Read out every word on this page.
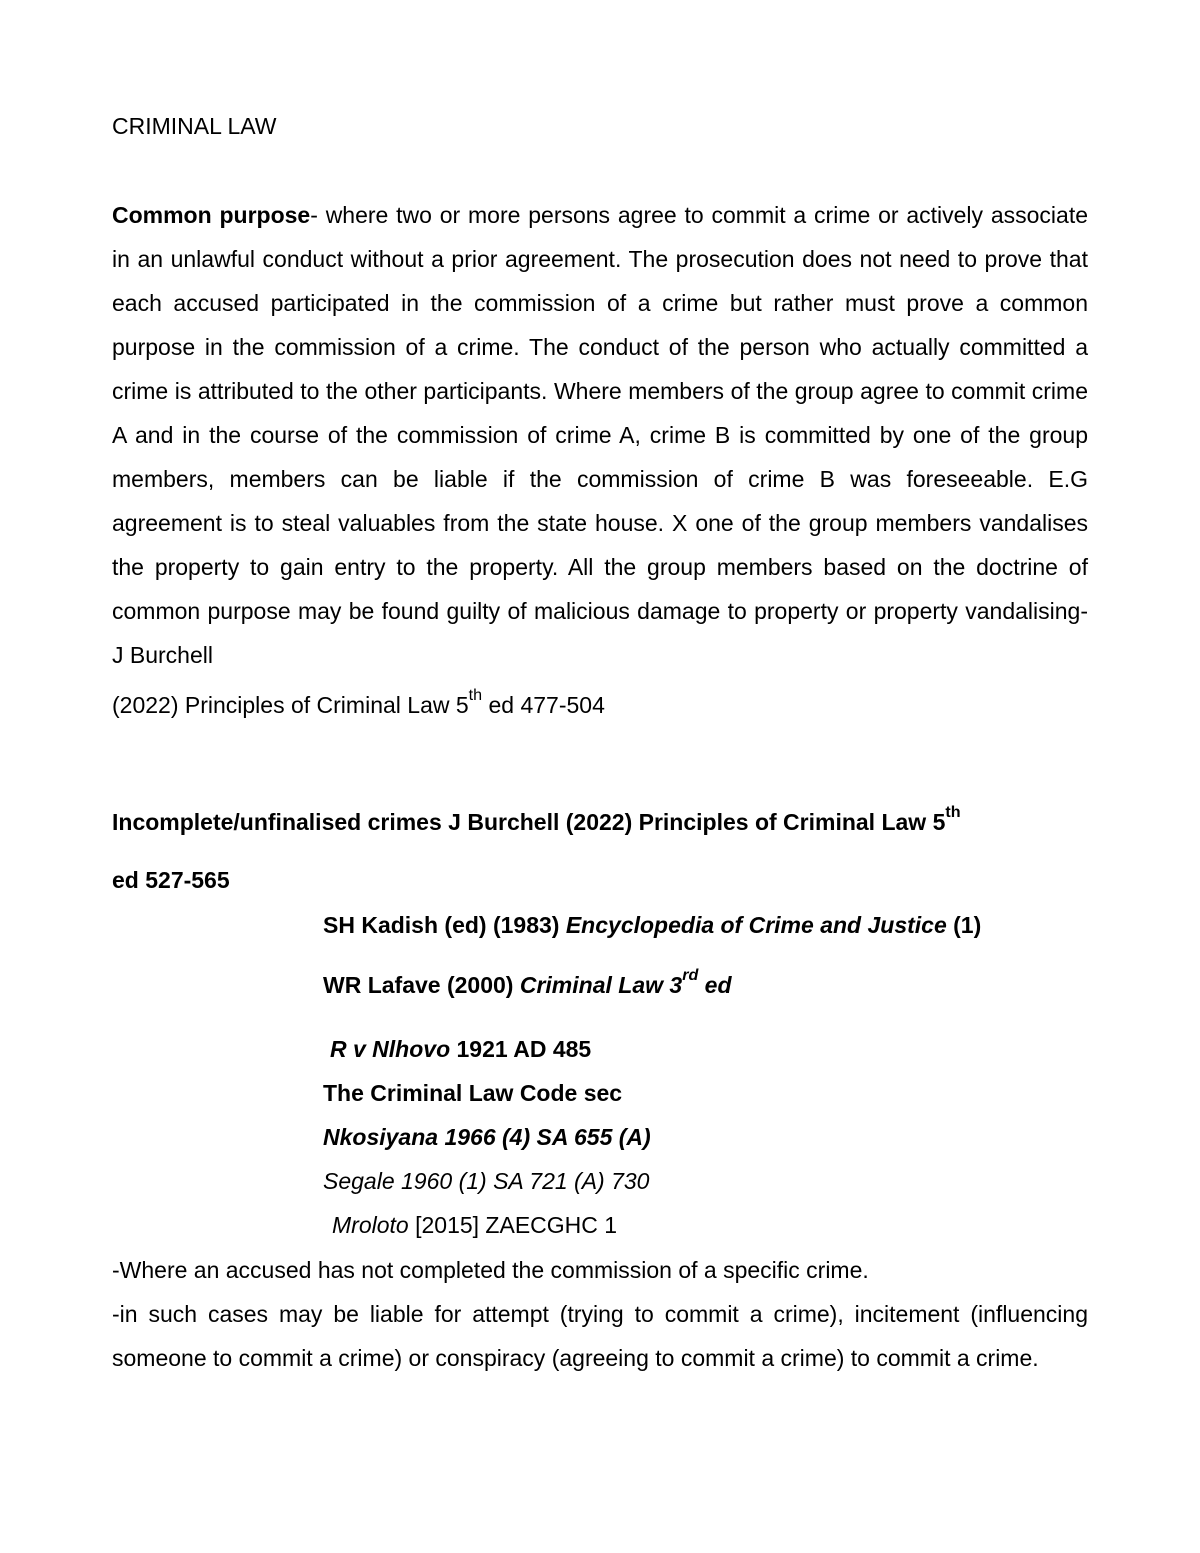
CRIMINAL LAW

Common purpose- where two or more persons agree to commit a crime or actively associate in an unlawful conduct without a prior agreement. The prosecution does not need to prove that each accused participated in the commission of a crime but rather must prove a common purpose in the commission of a crime. The conduct of the person who actually committed a crime is attributed to the other participants. Where members of the group agree to commit crime A and in the course of the commission of crime A, crime B is committed by one of the group members, members can be liable if the commission of crime B was foreseeable. E.G agreement is to steal valuables from the state house. X one of the group members vandalises the property to gain entry to the property. All the group members based on the doctrine of common purpose may be found guilty of malicious damage to property or property vandalising- J Burchell
(2022) Principles of Criminal Law 5th ed 477-504

Incomplete/unfinalised crimes J Burchell (2022) Principles of Criminal Law 5th
ed 527-565

SH Kadish (ed) (1983) Encyclopedia of Crime and Justice (1)
WR Lafave (2000) Criminal Law 3rd ed
R v Nlhovo 1921 AD 485
The Criminal Law Code sec
Nkosiyana 1966 (4) SA 655 (A)
Segale 1960 (1) SA 721 (A) 730
Mroloto [2015] ZAECGHC 1

-Where an accused has not completed the commission of a specific crime.

-in such cases may be liable for attempt (trying to commit a crime), incitement (influencing someone to commit a crime) or conspiracy (agreeing to commit a crime) to commit a crime.
